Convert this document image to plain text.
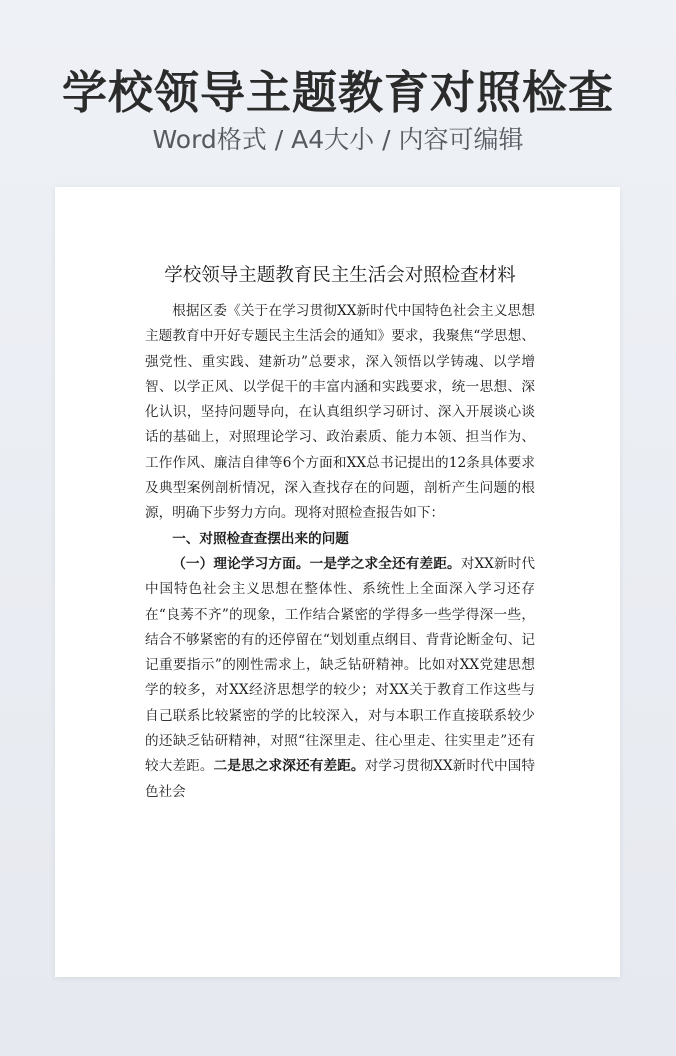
学校领导主题教育对照检查
Word格式 / A4大小 / 内容可编辑
学校领导主题教育民主生活会对照检查材料

根据区委《关于在学习贯彻XX新时代中国特色社会主义思想主题教育中开好专题民主生活会的通知》要求，我聚焦“学思想、强党性、重实践、建新功”总要求，深入领悟以学铸魂、以学增智、以学正风、以学促干的丰富内涵和实践要求，统一思想、深化认识，坚持问题导向，在认真组织学习研讨、深入开展谈心谈话的基础上，对照理论学习、政治素质、能力本领、担当作为、工作作风、廉洁自律等6个方面和XX总书记提出的12条具体要求及典型案例剖析情况，深入查找存在的问题，剖析产生问题的根源，明确下步努力方向。现将对照检查报告如下：

一、对照检查查摆出来的问题

（一）理论学习方面。一是学之求全还有差距。对XX新时代中国特色社会主义思想在整体性、系统性上全面深入学习还存在“良莠不齐”的现象，工作结合紧密的学得多一些学得深一些，结合不够紧密的有的还停留在“划划重点纲目、背背论断金句、记记重要指示”的刚性需求上，缺乏钻研精神。比如对XX党建思想学的较多，对XX经济思想学的较少；对XX关于教育工作这些与自己联系比较紧密的学的比较深入，对与本职工作直接联系较少的还缺乏钻研精神，对照“往深里走、往心里走、往实里走”还有较大差距。二是思之求深还有差距。对学习贯彻XX新时代中国特色社会
